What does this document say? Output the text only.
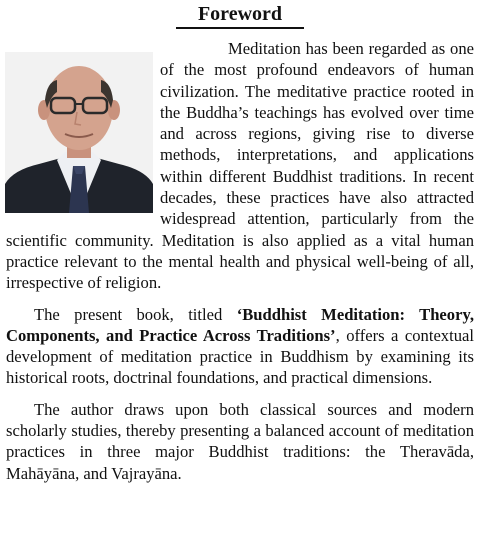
Foreword

Meditation has been regarded as one of the most profound endeavors of human civilization. The meditative practice rooted in the Buddha’s teachings has evolved over time and across regions, giving rise to diverse methods, interpretations, and applications within different Buddhist traditions. In recent decades, these practices have also attracted widespread attention, particularly from the scientific community. Meditation is also applied as a vital human practice relevant to the mental health and physical well-being of all, irrespective of religion.

The present book, titled ‘Buddhist Meditation: Theory, Components, and Practice Across Traditions’, offers a contextual development of meditation practice in Buddhism by examining its historical roots, doctrinal foundations, and practical dimensions.

The author draws upon both classical sources and modern scholarly studies, thereby presenting a balanced account of meditation practices in three major Buddhist traditions: the Theravāda, Mahāyāna, and Vajrayāna.
